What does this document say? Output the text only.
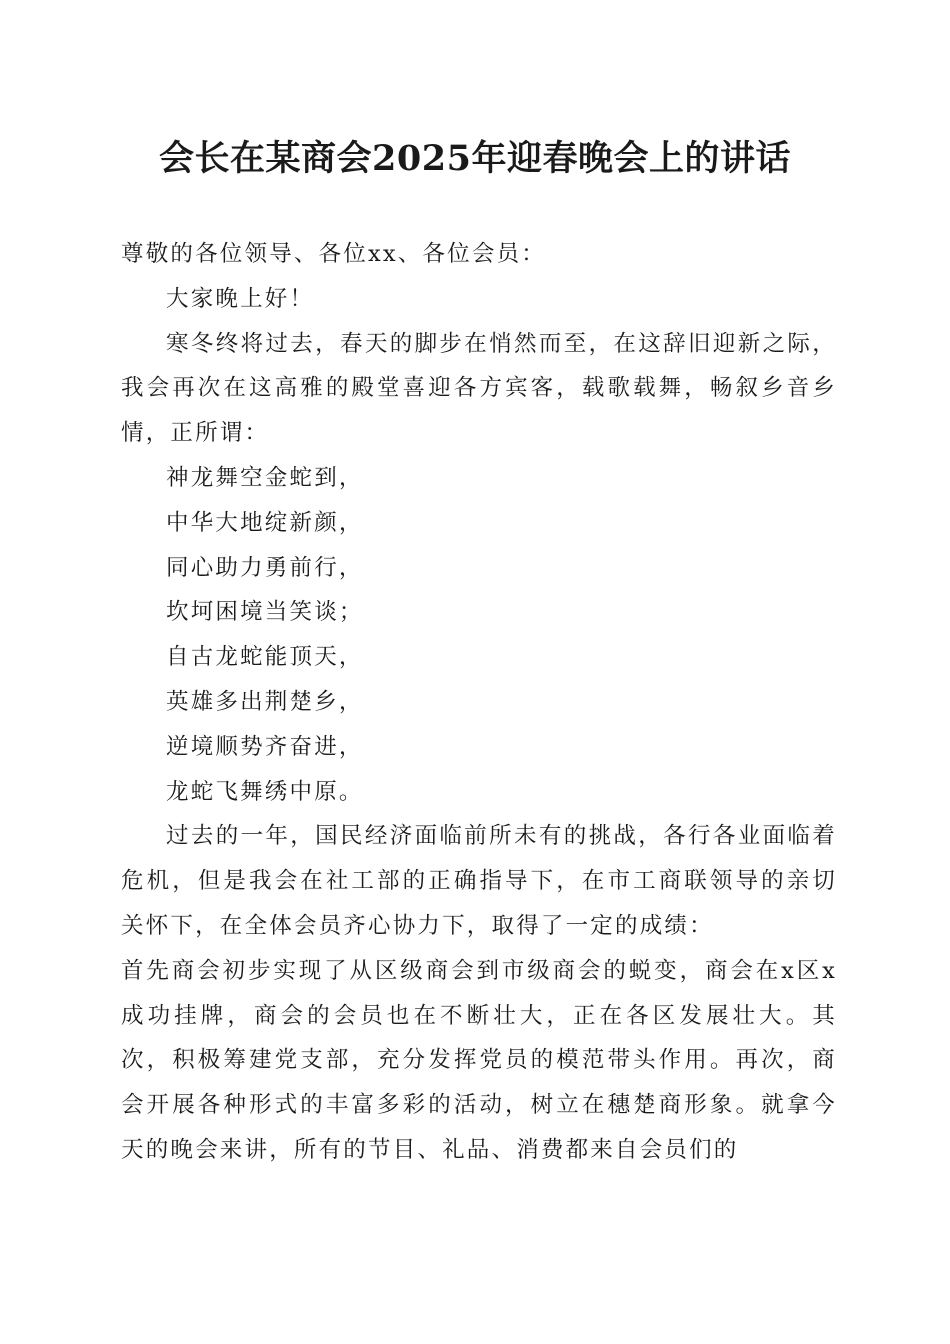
会长在某商会2025年迎春晚会上的讲话

尊敬的各位领导、各位xx、各位会员：

大家晚上好！

寒冬终将过去，春天的脚步在悄然而至，在这辞旧迎新之际，我会再次在这高雅的殿堂喜迎各方宾客，载歌载舞，畅叙乡音乡情，正所谓：

神龙舞空金蛇到，

中华大地绽新颜，

同心助力勇前行，

坎坷困境当笑谈；

自古龙蛇能顶天，

英雄多出荆楚乡，

逆境顺势齐奋进，

龙蛇飞舞绣中原。

过去的一年，国民经济面临前所未有的挑战，各行各业面临着危机，但是我会在社工部的正确指导下，在市工商联领导的亲切关怀下，在全体会员齐心协力下，取得了一定的成绩：

首先商会初步实现了从区级商会到市级商会的蜕变，商会在x区x成功挂牌，商会的会员也在不断壮大，正在各区发展壮大。其次，积极筹建党支部，充分发挥党员的模范带头作用。再次，商会开展各种形式的丰富多彩的活动，树立在穗楚商形象。就拿今天的晚会来讲，所有的节目、礼品、消费都来自会员们的
